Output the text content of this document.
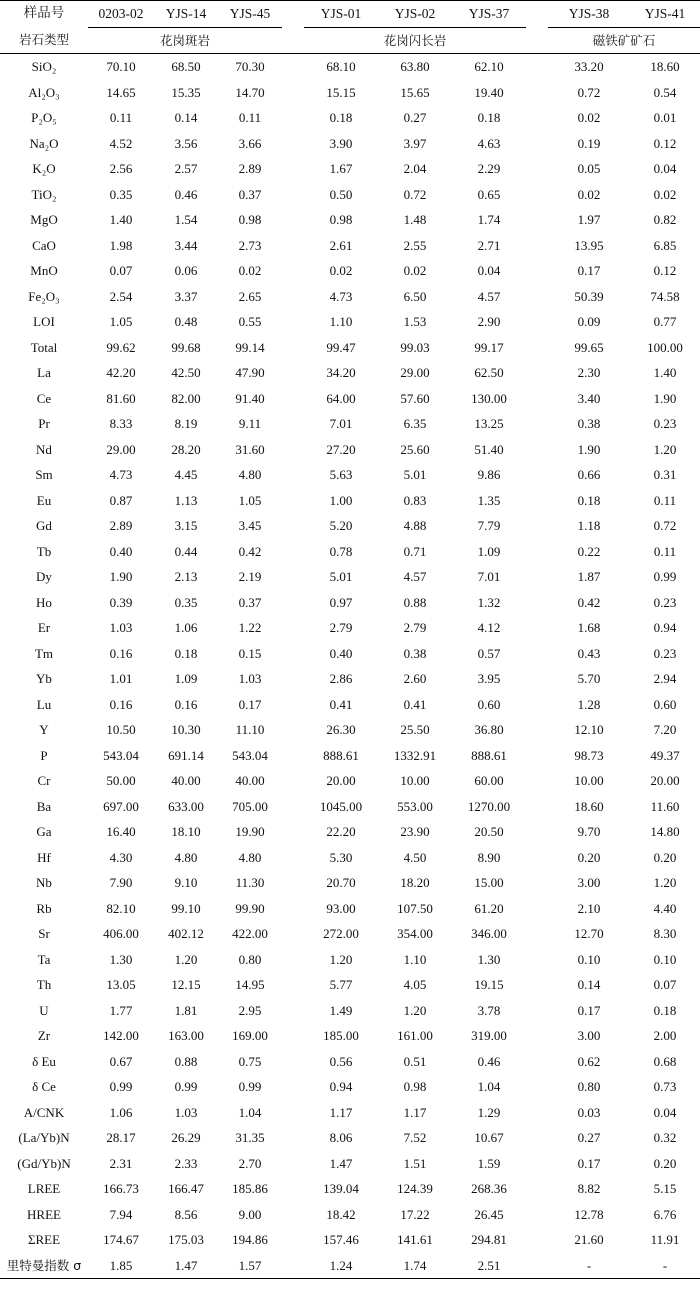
样品号	0203-02	YJS-14	YJS-45		YJS-01	YJS-02	YJS-37		YJS-38	YJS-41
岩石类型	花岗斑岩				花岗闪长岩				磁铁矿矿石	
SiO₂	70.10	68.50	70.30		68.10	63.80	62.10		33.20	18.60
Al₂O₃	14.65	15.35	14.70		15.15	15.65	19.40		0.72	0.54
P₂O₅	0.11	0.14	0.11		0.18	0.27	0.18		0.02	0.01
Na₂O	4.52	3.56	3.66		3.90	3.97	4.63		0.19	0.12
K₂O	2.56	2.57	2.89		1.67	2.04	2.29		0.05	0.04
TiO₂	0.35	0.46	0.37		0.50	0.72	0.65		0.02	0.02
MgO	1.40	1.54	0.98		0.98	1.48	1.74		1.97	0.82
CaO	1.98	3.44	2.73		2.61	2.55	2.71		13.95	6.85
MnO	0.07	0.06	0.02		0.02	0.02	0.04		0.17	0.12
Fe₂O₃	2.54	3.37	2.65		4.73	6.50	4.57		50.39	74.58
LOI	1.05	0.48	0.55		1.10	1.53	2.90		0.09	0.77
Total	99.62	99.68	99.14		99.47	99.03	99.17		99.65	100.00
La	42.20	42.50	47.90		34.20	29.00	62.50		2.30	1.40
Ce	81.60	82.00	91.40		64.00	57.60	130.00		3.40	1.90
Pr	8.33	8.19	9.11		7.01	6.35	13.25		0.38	0.23
Nd	29.00	28.20	31.60		27.20	25.60	51.40		1.90	1.20
Sm	4.73	4.45	4.80		5.63	5.01	9.86		0.66	0.31
Eu	0.87	1.13	1.05		1.00	0.83	1.35		0.18	0.11
Gd	2.89	3.15	3.45		5.20	4.88	7.79		1.18	0.72
Tb	0.40	0.44	0.42		0.78	0.71	1.09		0.22	0.11
Dy	1.90	2.13	2.19		5.01	4.57	7.01		1.87	0.99
Ho	0.39	0.35	0.37		0.97	0.88	1.32		0.42	0.23
Er	1.03	1.06	1.22		2.79	2.79	4.12		1.68	0.94
Tm	0.16	0.18	0.15		0.40	0.38	0.57		0.43	0.23
Yb	1.01	1.09	1.03		2.86	2.60	3.95		5.70	2.94
Lu	0.16	0.16	0.17		0.41	0.41	0.60		1.28	0.60
Y	10.50	10.30	11.10		26.30	25.50	36.80		12.10	7.20
P	543.04	691.14	543.04		888.61	1332.91	888.61		98.73	49.37
Cr	50.00	40.00	40.00		20.00	10.00	60.00		10.00	20.00
Ba	697.00	633.00	705.00		1045.00	553.00	1270.00		18.60	11.60
Ga	16.40	18.10	19.90		22.20	23.90	20.50		9.70	14.80
Hf	4.30	4.80	4.80		5.30	4.50	8.90		0.20	0.20
Nb	7.90	9.10	11.30		20.70	18.20	15.00		3.00	1.20
Rb	82.10	99.10	99.90		93.00	107.50	61.20		2.10	4.40
Sr	406.00	402.12	422.00		272.00	354.00	346.00		12.70	8.30
Ta	1.30	1.20	0.80		1.20	1.10	1.30		0.10	0.10
Th	13.05	12.15	14.95		5.77	4.05	19.15		0.14	0.07
U	1.77	1.81	2.95		1.49	1.20	3.78		0.17	0.18
Zr	142.00	163.00	169.00		185.00	161.00	319.00		3.00	2.00
δ Eu	0.67	0.88	0.75		0.56	0.51	0.46		0.62	0.68
δ Ce	0.99	0.99	0.99		0.94	0.98	1.04		0.80	0.73
A/CNK	1.06	1.03	1.04		1.17	1.17	1.29		0.03	0.04
(La/Yb)N	28.17	26.29	31.35		8.06	7.52	10.67		0.27	0.32
(Gd/Yb)N	2.31	2.33	2.70		1.47	1.51	1.59		0.17	0.20
LREE	166.73	166.47	185.86		139.04	124.39	268.36		8.82	5.15
HREE	7.94	8.56	9.00		18.42	17.22	26.45		12.78	6.76
ΣREE	174.67	175.03	194.86		157.46	141.61	294.81		21.60	11.91
里特曼指数 σ	1.85	1.47	1.57		1.24	1.74	2.51		-	-
